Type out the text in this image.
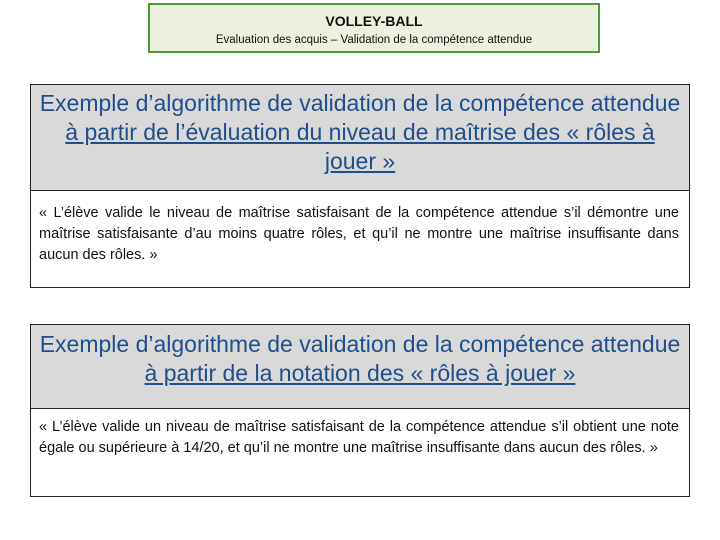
VOLLEY-BALL
Evaluation des acquis – Validation de la compétence attendue
Exemple d’algorithme de validation de la compétence attendue à partir de l’évaluation du niveau de maîtrise des « rôles à jouer »
« L’élève valide le niveau de maîtrise satisfaisant de la compétence attendue s’il démontre une maîtrise satisfaisante d’au moins quatre rôles, et qu’il ne montre une maîtrise insuffisante dans aucun des rôles. »
Exemple d’algorithme de validation de la compétence attendue à partir de la notation des « rôles à jouer »
« L’élève valide un niveau de maîtrise satisfaisant de la compétence attendue s’il obtient une note égale ou supérieure à 14/20, et qu’il ne montre une maîtrise insuffisante dans aucun des rôles. »
